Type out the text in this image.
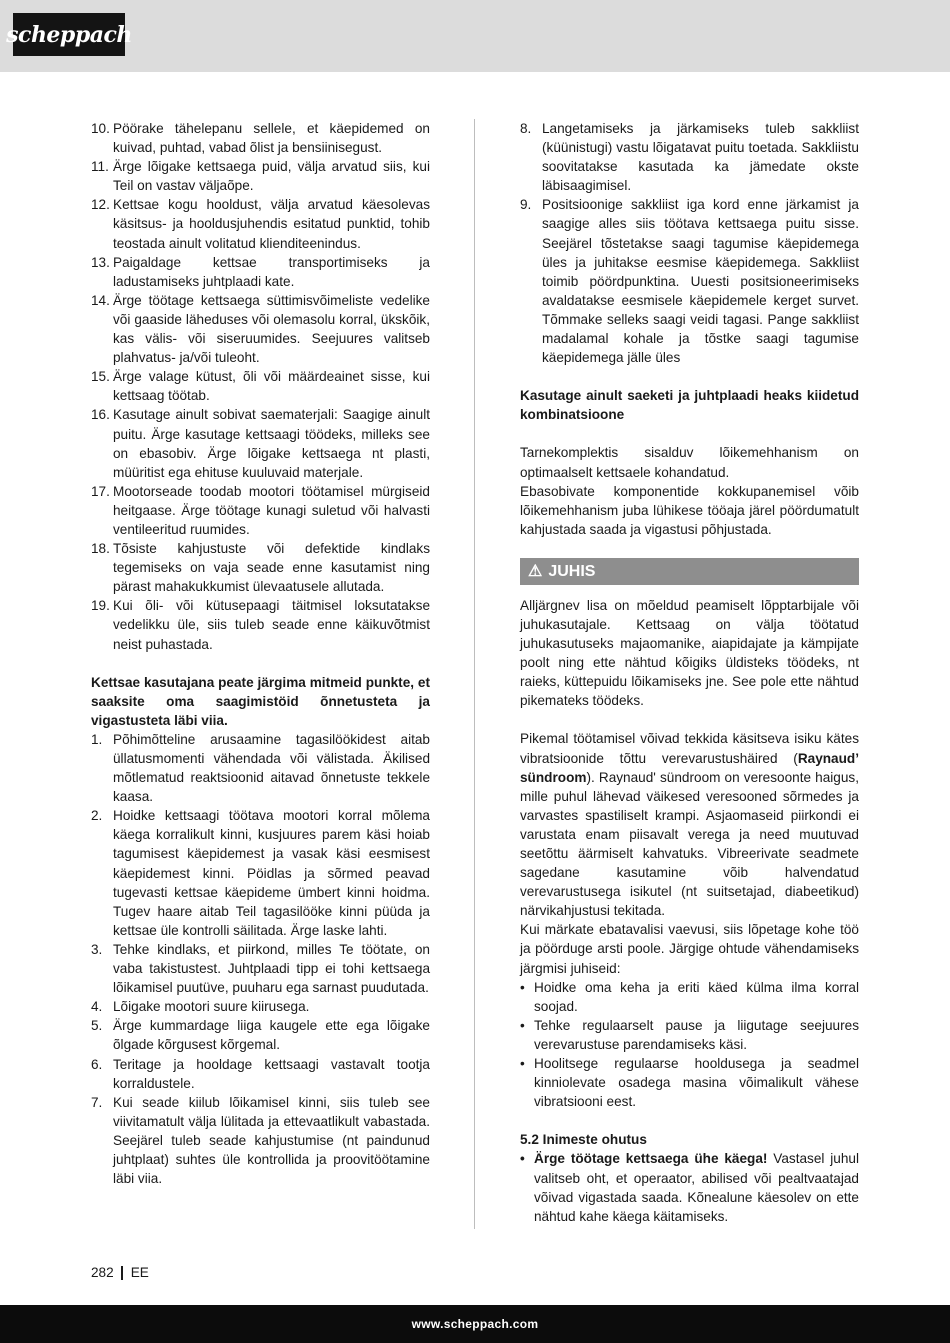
scheppach
10. Pöörake tähelepanu sellele, et käepidemed on kuivad, puhtad, vabad õlist ja bensiinisegust.
11. Ärge lõigake kettsaega puid, välja arvatud siis, kui Teil on vastav väljaõpe.
12. Kettsae kogu hooldust, välja arvatud käesolevas käsitsus- ja hooldusjuhendis esitatud punktid, tohib teostada ainult volitatud klienditeenindus.
13. Paigaldage kettsae transportimiseks ja ladustamiseks juhtplaadi kate.
14. Ärge töötage kettsaega süttimisvõimeliste vedelike või gaaside läheduses või olemasolu korral, ükskõik, kas välis- või siseruumides. Seejuures valitseb plahvatus- ja/või tuleoht.
15. Ärge valage kütust, õli või määrdeainet sisse, kui kettsaag töötab.
16. Kasutage ainult sobivat saematerjali: Saagige ainult puitu. Ärge kasutage kettsaagi töödeks, milleks see on ebasobiv. Ärge lõigake kettsaega nt plasti, müüritist ega ehituse kuuluvaid materjale.
17. Mootorseade toodab mootori töötamisel mürgiseid heitgaase. Ärge töötage kunagi suletud või halvasti ventileeritud ruumides.
18. Tõsiste kahjustuste või defektide kindlaks tegemiseks on vaja seade enne kasutamist ning pärast mahakukkumist ülevaatusele allutada.
19. Kui õli- või kütusepaagi täitmisel loksutatakse vedelikku üle, siis tuleb seade enne käikuvõtmist neist puhastada.

Kettsae kasutajana peate järgima mitmeid punkte, et saaksite oma saagimistöid õnnetusteta ja vigastusteta läbi viia.

1. Põhimõtteline arusaamine tagasilöökidest aitab üllatusmomenti vähendada või välistada. Äkilised mõtlematud reaktsioonid aitavad õnnetuste tekkele kaasa.
2. Hoidke kettsaagi töötava mootori korral mõlema käega korralikult kinni, kusjuures parem käsi hoiab tagumisest käepidemest ja vasak käsi eesmisest käepidemest kinni. Pöidlas ja sõrmed peavad tugevasti kettsae käepideme ümbert kinni hoidma. Tugev haare aitab Teil tagasilööke kinni püüda ja kettsae üle kontrolli säilitada. Ärge laske lahti.
3. Tehke kindlaks, et piirkond, milles Te töötate, on vaba takistustest. Juhtplaadi tipp ei tohi kettsaega lõikamisel puutüve, puuharu ega sarnast puudutada.
4. Lõigake mootori suure kiirusega.
5. Ärge kummardage liiga kaugele ette ega lõigake õlgade kõrgusest kõrgemal.
6. Teritage ja hooldage kettsaagi vastavalt tootja korraldustele.
7. Kui seade kiilub lõikamisel kinni, siis tuleb see viivitamatult välja lülitada ja ettevaatlikult vabastada. Seejärel tuleb seade kahjustumise (nt paindunud juhtplaat) suhtes üle kontrollida ja proovitöötamine läbi viia.
8. Langetamiseks ja järkamiseks tuleb sakkliist (küünistugi) vastu lõigatavat puitu toetada. Sakkliistu soovitatakse kasutada ka jämedate okste läbisaagimisel.
9. Positsioonige sakkliist iga kord enne järkamist ja saagige alles siis töötava kettsaega puitu sisse. Seejärel tõstetakse saagi tagumise käepidemega üles ja juhitakse eesmise käepidemega. Sakkliist toimib pöördpunktina. Uuesti positsioneerimiseks avaldatakse eesmisele käepidemele kerget survet. Tõmmake selleks saagi veidi tagasi. Pange sakkliist madalamal kohale ja tõstke saagi tagumise käepidemega jälle üles

Kasutage ainult saeketi ja juhtplaadi heaks kiidetud kombinatsioone

Tarnekomplektis sisalduv lõikemehhanism on optimaalselt kettsaele kohandatud.

Ebasobivate komponentide kokkupanemisel võib lõikemehhanism juba lühikese tööaja järel pöördumatult kahjustada saada ja vigastusi põhjustada.

⚠ JUHIS

Alljärgnev lisa on mõeldud peamiselt lõpptarbijale või juhukasutajale. Kettsaag on välja töötatud juhukasutuseks majaomanike, aiapidajate ja kämpijate poolt ning ette nähtud kõigiks üldisteks töödeks, nt raieks, küttepuidu lõikamiseks jne. See pole ette nähtud pikemateks töödeks.

Pikemal töötamisel võivad tekkida käsitseva isiku kätes vibratsioonide tõttu verevarustushäired (Raynaud’ sündroom). Raynaud' sündroom on veresoonte haigus, mille puhul lähevad väikesed veresooned sõrmedes ja varvastes spastiliselt krampi. Asjaomaseid piirkondi ei varustata enam piisavalt verega ja need muutuvad seetõttu äärmiselt kahvatuks. Vibreerivate seadmete sagedane kasutamine võib halvendatud verevarustusega isikutel (nt suitsetajad, diabeetikud) närvikahjustusi tekitada.

Kui märkate ebatavalisi vaevusi, siis lõpetage kohe töö ja pöörduge arsti poole. Järgige ohtude vähendamiseks järgmisi juhiseid:

• Hoidke oma keha ja eriti käed külma ilma korral soojad.
• Tehke regulaarselt pause ja liigutage seejuures verevarustuse parendamiseks käsi.
• Hoolitsege regulaarse hooldusega ja seadmel kinniolevate osadega masina võimalikult vähese vibratsiooni eest.

5.2 Inimeste ohutus

• Ärge töötage kettsaega ühe käega! Vastasel juhul valitseb oht, et operaator, abilised või pealtvaatajad võivad vigastada saada. Kõnealune käesolev on ette nähtud kahe käega käitamiseks.
282 EE
www.scheppach.com
